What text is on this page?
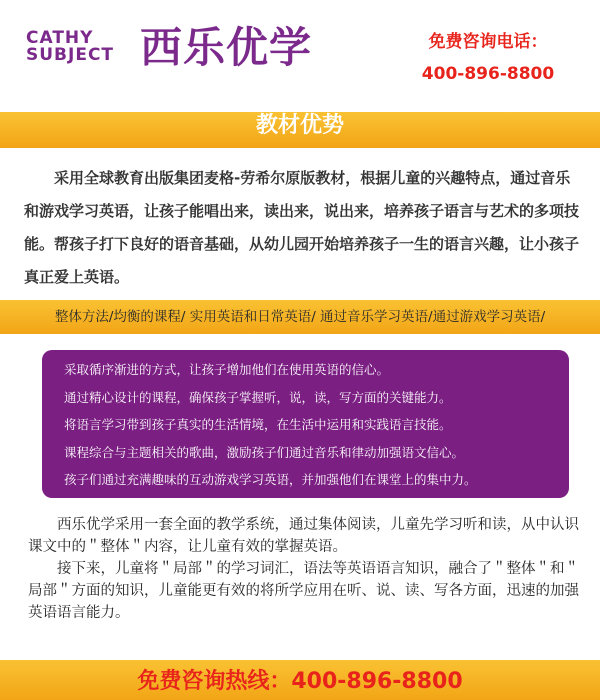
CATHY
SUBJECT 西乐优学	免费咨询电话：
400-896-8800
教材优势

采用全球教育出版集团麦格-劳希尔原版教材，根据儿童的兴趣特点，通过音乐和游戏学习英语，让孩子能唱出来，读出来，说出来，培养孩子语言与艺术的多项技能。帮孩子打下良好的语音基础，从幼儿园开始培养孩子一生的语言兴趣，让小孩子真正爱上英语。

整体方法/均衡的课程/ 实用英语和日常英语/ 通过音乐学习英语/通过游戏学习英语/
采取循序渐进的方式，让孩子增加他们在使用英语的信心。
通过精心设计的课程，确保孩子掌握听，说，读，写方面的关键能力。
将语言学习带到孩子真实的生活情境，在生活中运用和实践语言技能。
课程综合与主题相关的歌曲，激励孩子们通过音乐和律动加强语文信心。
孩子们通过充满趣味的互动游戏学习英语，并加强他们在课堂上的集中力。

西乐优学采用一套全面的教学系统，通过集体阅读，儿童先学习听和读，从中认识课文中的＂整体＂内容，让儿童有效的掌握英语。

接下来，儿童将＂局部＂的学习词汇，语法等英语语言知识，融合了＂整体＂和＂局部＂方面的知识，儿童能更有效的将所学应用在听、说、读、写各方面，迅速的加强英语语言能力。

免费咨询热线：400-896-8800
